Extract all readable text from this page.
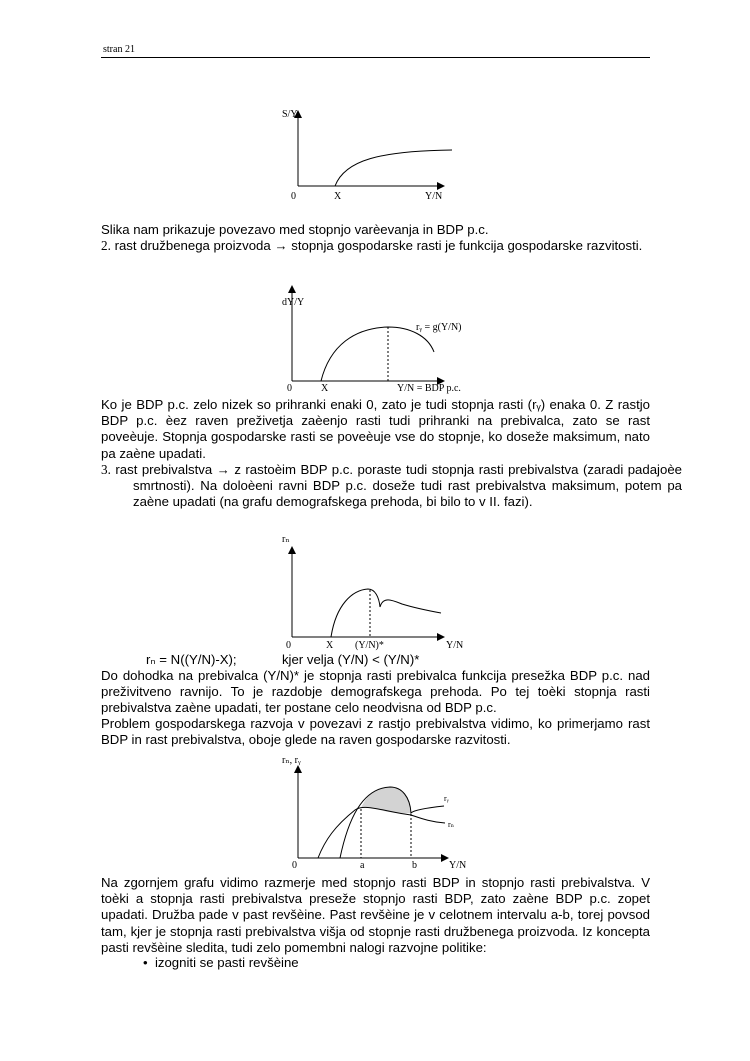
stran 21
S/Y
0	X	Y/N
dY/Y
rᵧ = g(Y/N)
0	X	Y/N = BDP p.c.
rₙ
0	X (Y/N)*	Y/N
rₙ, rᵧ
rᵧ
rₙ
0	a	b	Y/N
Slika nam prikazuje povezavo med stopnjo varèevanja in BDP p.c.
2. rast družbenega proizvoda → stopnja gospodarske rasti je funkcija gospodarske razvitosti.
Ko je BDP p.c. zelo nizek so prihranki enaki 0, zato je tudi stopnja rasti (rᵧ) enaka 0. Z rastjo BDP p.c. èez raven preživetja zaèenjo rasti tudi prihranki na prebivalca, zato se rast poveèuje. Stopnja gospodarske rasti se poveèuje vse do stopnje, ko doseže maksimum, nato pa zaène upadati.
3. rast prebivalstva → z rastoèim BDP p.c. poraste tudi stopnja rasti prebivalstva (zaradi padajoèe smrtnosti). Na doloèeni ravni BDP p.c. doseže tudi rast prebivalstva maksimum, potem pa zaène upadati (na grafu demografskega prehoda, bi bilo to v II. fazi).
rₙ = N((Y/N)-X);	kjer velja (Y/N) < (Y/N)*
Do dohodka na prebivalca (Y/N)* je stopnja rasti prebivalca funkcija presežka BDP p.c. nad preživitveno ravnijo. To je razdobje demografskega prehoda. Po tej toèki stopnja rasti prebivalstva zaène upadati, ter postane celo neodvisna od BDP p.c.
Problem gospodarskega razvoja v povezavi z rastjo prebivalstva vidimo, ko primerjamo rast BDP in rast prebivalstva, oboje glede na raven gospodarske razvitosti.
Na zgornjem grafu vidimo razmerje med stopnjo rasti BDP in stopnjo rasti prebivalstva. V toèki a stopnja rasti prebivalstva preseže stopnjo rasti BDP, zato zaène BDP p.c. zopet upadati. Družba pade v past revšèine. Past revšèine je v celotnem intervalu a-b, torej povsod tam, kjer je stopnja rasti prebivalstva višja od stopnje rasti družbenega proizvoda. Iz koncepta pasti revšèine sledita, tudi zelo pomembni nalogi razvojne politike:
•  izogniti se pasti revšèine
